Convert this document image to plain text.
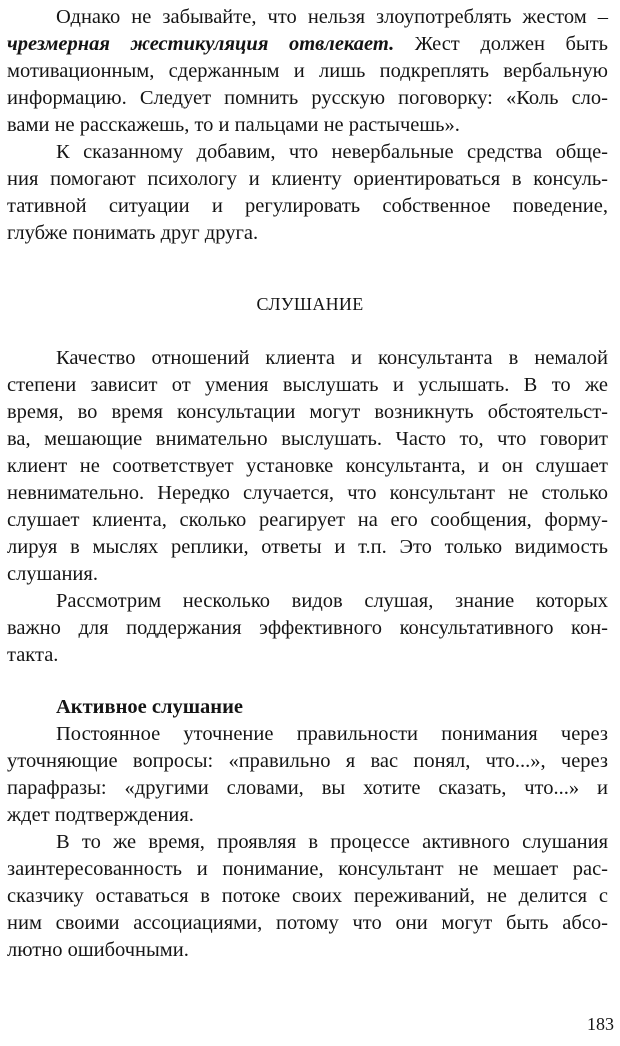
Однако не забывайте, что нельзя злоупотреблять жестом –
чрезмерная жестикуляция отвлекает. Жест должен быть
мотивационным, сдержанным и лишь подкреплять вербальную
информацию. Следует помнить русскую поговорку: «Коль сло-
вами не расскажешь, то и пальцами не растычешь».
К сказанному добавим, что невербальные средства обще-
ния помогают психологу и клиенту ориентироваться в консуль-
тативной ситуации и регулировать собственное поведение,
глубже понимать друг друга.
СЛУШАНИЕ
Качество отношений клиента и консультанта в немалой
степени зависит от умения выслушать и услышать. В то же
время, во время консультации могут возникнуть обстоятельст-
ва, мешающие внимательно выслушать. Часто то, что говорит
клиент не соответствует установке консультанта, и он слушает
невнимательно. Нередко случается, что консультант не столько
слушает клиента, сколько реагирует на его сообщения, форму-
лируя в мыслях реплики, ответы и т.п. Это только видимость
слушания.
Рассмотрим несколько видов слушая, знание которых
важно для поддержания эффективного консультативного кон-
такта.
Активное слушание
Постоянное уточнение правильности понимания через
уточняющие вопросы: «правильно я вас понял, что...», через
парафразы: «другими словами, вы хотите сказать, что...» и
ждет подтверждения.
В то же время, проявляя в процессе активного слушания
заинтересованность и понимание, консультант не мешает рас-
сказчику оставаться в потоке своих переживаний, не делится с
ним своими ассоциациями, потому что они могут быть абсо-
лютно ошибочными.
183
